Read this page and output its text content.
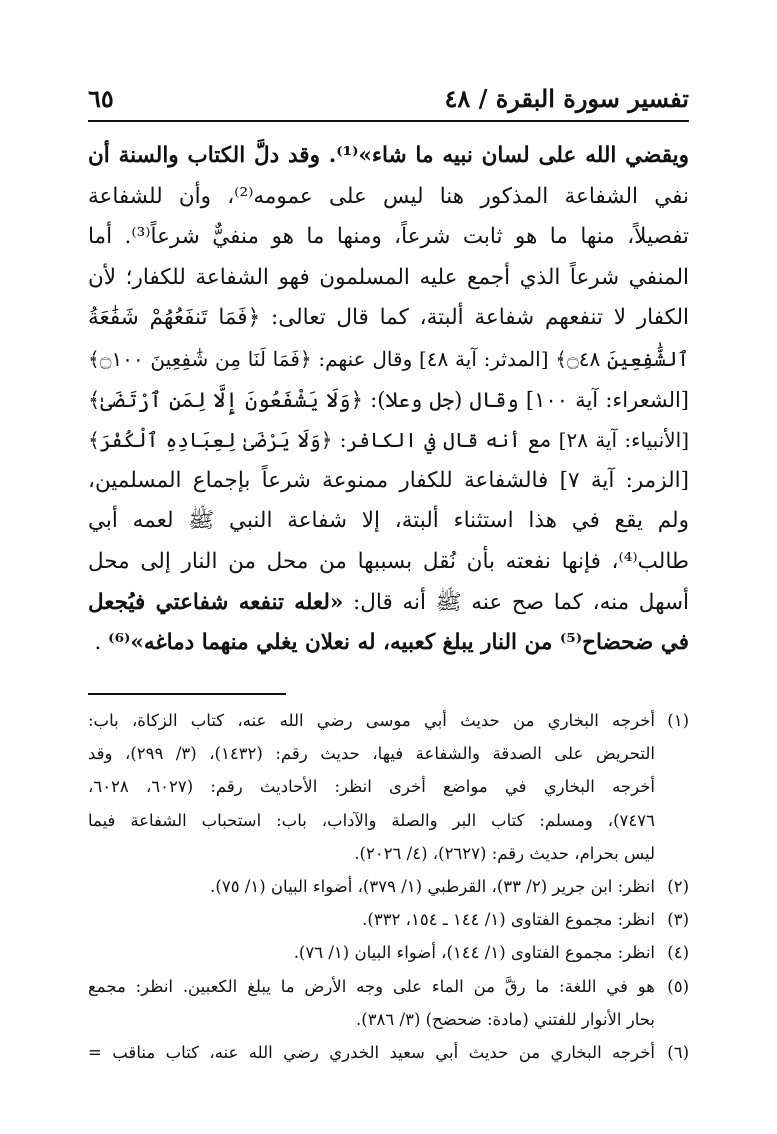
تفسير سورة البقرة / ٤٨
٦٥
ويقضي الله على لسان نبيه ما شاء»⁽¹⁾. وقد دلَّ الكتاب والسنة أن
نفي الشفاعة المذكور هنا ليس على عمومه⁽²⁾، وأن للشفاعة
تفصيلاً، منها ما هو ثابت شرعاً، ومنها ما هو منفيٌّ شرعاً⁽³⁾. أما
المنفي شرعاً الذي أجمع عليه المسلمون فهو الشفاعة للكفار؛ لأن
الكفار لا تنفعهم شفاعة ألبتة، كما قال تعالى: ﴿فَمَا تَنفَعُهُمْ شَفَٰعَةُ
ٱلشَّٰفِعِينَ ۝٤٨﴾ [المدثر: آية ٤٨] وقال عنهم: ﴿فَمَا لَنَا مِن شَٰفِعِينَ ۝١٠٠﴾
[الشعراء: آية ١٠٠] وقال (جل وعلا): ﴿وَلَا يَشْفَعُونَ إِلَّا لِمَنِ ٱرْتَضَىٰ﴾
[الأنبياء: آية ٢٨] مع أنه قال في الكافر: ﴿وَلَا يَرْضَىٰ لِعِبَادِهِ ٱلْكُفْرَ﴾
[الزمر: آية ٧] فالشفاعة للكفار ممنوعة شرعاً بإجماع المسلمين،
ولم يقع في هذا استثناء ألبتة، إلا شفاعة النبي ﷺ لعمه أبي
طالب⁽⁴⁾، فإنها نفعته بأن نُقل بسببها من محل من النار إلى محل
أسهل منه، كما صح عنه ﷺ أنه قال: «لعله تنفعه شفاعتي فيُجعل
في ضحضاح⁽⁵⁾ من النار يبلغ كعبيه، له نعلان يغلي منهما دماغه»⁽⁶⁾ .
(١)أخرجه البخاري من حديث أبي موسى رضي الله عنه، كتاب الزكاة، باب:
التحريض على الصدقة والشفاعة فيها، حديث رقم: (١٤٣٢)، (٣/ ٢٩٩)، وقد
أخرجه البخاري في مواضع أخرى انظر: الأحاديث رقم: (٦٠٢٧، ٦٠٢٨،
٧٤٧٦)، ومسلم: كتاب البر والصلة والآداب، باب: استحباب الشفاعة فيما
ليس بحرام، حديث رقم: (٢٦٢٧)، (٤/ ٢٠٢٦).
(٢)انظر: ابن جرير (٢/ ٣٣)، القرطبي (١/ ٣٧٩)، أضواء البيان (١/ ٧٥).
(٣)انظر: مجموع الفتاوى (١/ ١٤٤ ـ ١٥٤، ٣٣٢).
(٤)انظر: مجموع الفتاوى (١/ ١٤٤)، أضواء البيان (١/ ٧٦).
(٥)هو في اللغة: ما رقَّ من الماء على وجه الأرض ما يبلغ الكعبين. انظر: مجمع
بحار الأنوار للفتني (مادة: ضحضح) (٣/ ٣٨٦).
(٦)أخرجه البخاري من حديث أبي سعيد الخدري رضي الله عنه، كتاب مناقب =
